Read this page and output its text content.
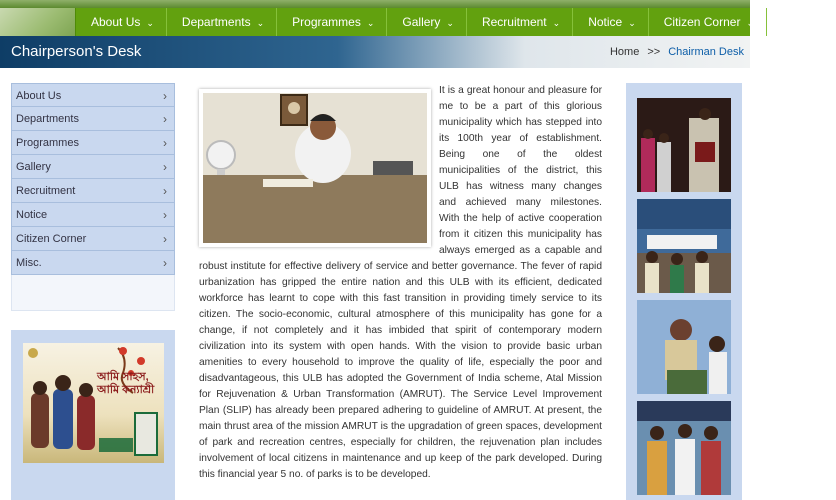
About Us ⌄	Departments ⌄	Programmes ⌄	Gallery ⌄	Recruitment ⌄	Notice ⌄	Citizen Corner ⌄	Misc. ⌄
Chairperson's Desk	Home >> Chairman Desk
About Us	›
Departments	›
Programmes	›
Gallery	›
Recruitment	›
Notice	›
Citizen Corner	›
Misc.	›
আমি সাহস,
আমি কন্যাশ্রী

It is a great honour and pleasure for me to be a part of this glorious municipality which has stepped into its 100th year of establishment. Being one of the oldest municipalities of the district, this ULB has witness many changes and achieved many milestones. With the help of active cooperation from it citizen this municipality has always emerged as a capable and robust institute for effective delivery of service and better governance. The fever of rapid urbanization has gripped the entire nation and this ULB with its efficient, dedicated workforce has learnt to cope with this fast transition in providing timely service to its citizen. The socio-economic, cultural atmosphere of this municipality has gone for a change, if not completely and it has imbided that spirit of contemporary modern civilization into its system with open hands. With the vision to provide basic urban amenities to every household to improve the quality of life, especially the poor and disadvantageous, this ULB has adopted the Government of India scheme, Atal Mission for Rejuvenation & Urban Transformation (AMRUT). The Service Level Improvement Plan (SLIP) has already been prepared adhering to guideline of AMRUT. At present, the main thrust area of the mission AMRUT is the upgradation of green spaces, development of park and recreation centres, especially for children, the rejuvenation plan includes involvement of local citizens in maintenance and up keep of the park developed. During this financial year 5 no. of parks is to be developed.
